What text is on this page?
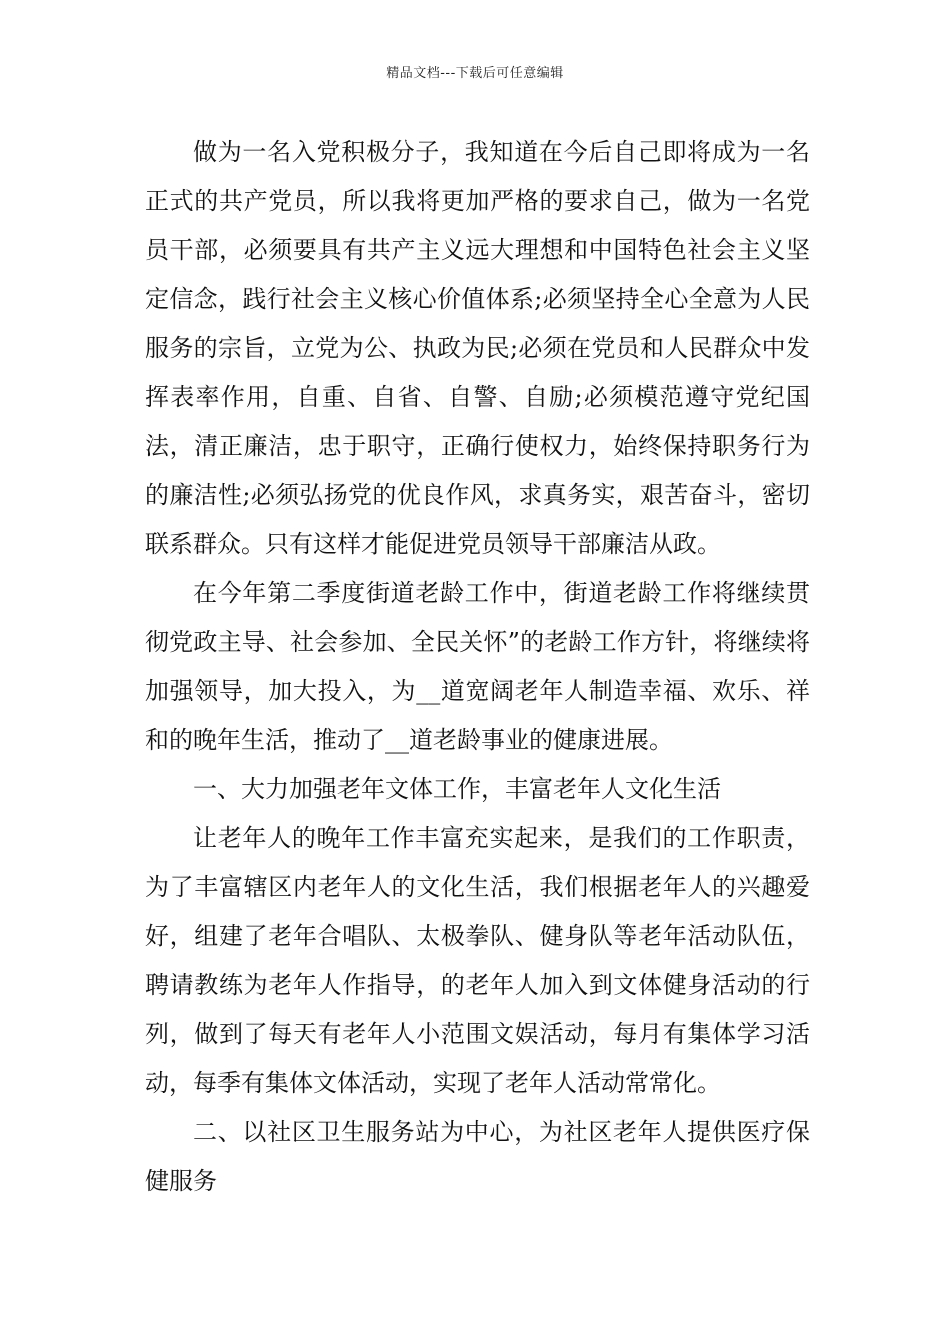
精品文档---下载后可任意编辑

做为一名入党积极分子，我知道在今后自己即将成为一名正式的共产党员，所以我将更加严格的要求自己，做为一名党员干部，必须要具有共产主义远大理想和中国特色社会主义坚定信念，践行社会主义核心价值体系;必须坚持全心全意为人民服务的宗旨，立党为公、执政为民;必须在党员和人民群众中发挥表率作用，自重、自省、自警、自励;必须模范遵守党纪国法，清正廉洁，忠于职守，正确行使权力，始终保持职务行为的廉洁性;必须弘扬党的优良作风，求真务实，艰苦奋斗，密切联系群众。只有这样才能促进党员领导干部廉洁从政。

在今年第二季度街道老龄工作中，街道老龄工作将继续贯彻党政主导、社会参加、全民关怀”的老龄工作方针，将继续将加强领导，加大投入，为__道宽阔老年人制造幸福、欢乐、祥和的晚年生活，推动了__道老龄事业的健康进展。

一、大力加强老年文体工作，丰富老年人文化生活

让老年人的晚年工作丰富充实起来，是我们的工作职责，为了丰富辖区内老年人的文化生活，我们根据老年人的兴趣爱好，组建了老年合唱队、太极拳队、健身队等老年活动队伍，聘请教练为老年人作指导，的老年人加入到文体健身活动的行列，做到了每天有老年人小范围文娱活动，每月有集体学习活动，每季有集体文体活动，实现了老年人活动常常化。

二、以社区卫生服务站为中心，为社区老年人提供医疗保健服务
